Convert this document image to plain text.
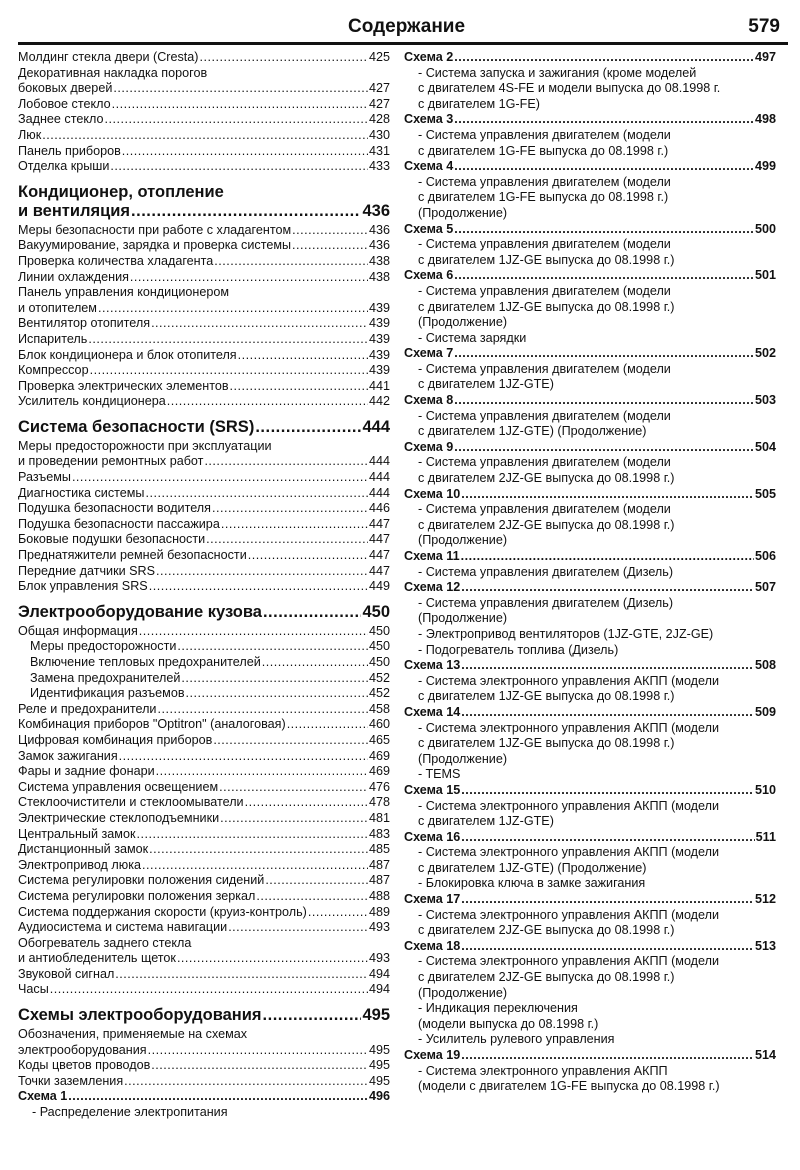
Содержание	579
Молдинг стекла двери (Cresta) .....	425
Декоративная накладка порогов
боковых дверей .....	427
Лобовое стекло .....	427
Заднее стекло .....	428
Люк .....	430
Панель приборов .....	431
Отделка крыши .....	433
Кондиционер, отопление
и вентиляция .....	436
Меры безопасности при работе с хладагентом .....	436
Вакуумирование, зарядка и проверка системы .....	436
Проверка количества хладагента .....	438
Линии охлаждения .....	438
Панель управления кондиционером
и отопителем .....	439
Вентилятор отопителя .....	439
Испаритель .....	439
Блок кондиционера и блок отопителя .....	439
Компрессор .....	439
Проверка электрических элементов .....	441
Усилитель кондиционера .....	442
Система безопасности (SRS) .....	444
Меры предосторожности при эксплуатации
и проведении ремонтных работ .....	444
Разъемы .....	444
Диагностика системы .....	444
Подушка безопасности водителя .....	446
Подушка безопасности пассажира .....	447
Боковые подушки безопасности .....	447
Преднатяжители ремней безопасности .....	447
Передние датчики SRS .....	447
Блок управления SRS .....	449
Электрооборудование кузова .....	450
Общая информация .....	450
Меры предосторожности .....	450
Включение тепловых предохранителей .....	450
Замена предохранителей .....	452
Идентификация разъемов .....	452
Реле и предохранители .....	458
Комбинация приборов "Optitron" (аналоговая) .....	460
Цифровая комбинация приборов .....	465
Замок зажигания .....	469
Фары и задние фонари .....	469
Система управления освещением .....	476
Стеклоочистители и стеклоомыватели .....	478
Электрические стеклоподъемники .....	481
Центральный замок .....	483
Дистанционный замок .....	485
Электропривод люка .....	487
Система регулировки положения сидений .....	487
Система регулировки положения зеркал .....	488
Система поддержания скорости (круиз-контроль) .....	489
Аудиосистема и система навигации .....	493
Обогреватель заднего стекла
и антиобледенитель щеток .....	493
Звуковой сигнал .....	494
Часы .....	494
Схемы электрооборудования .....	495
Обозначения, применяемые на схемах
электрооборудования .....	495
Коды цветов проводов .....	495
Точки заземления .....	495
Схема 1 .....	496
- Распределение электропитания
Схема 2 .....	497
- Система запуска и зажигания (кроме моделей
с двигателем 4S-FE и модели выпуска до 08.1998 г.
с двигателем 1G-FE)
Схема 3 .....	498
- Система управления двигателем (модели
с двигателем 1G-FE выпуска до 08.1998 г.)
Схема 4 .....	499
- Система управления двигателем (модели
с двигателем 1G-FE выпуска до 08.1998 г.)
(Продолжение)
Схема 5 .....	500
- Система управления двигателем (модели
с двигателем 1JZ-GE выпуска до 08.1998 г.)
Схема 6 .....	501
- Система управления двигателем (модели
с двигателем 1JZ-GE выпуска до 08.1998 г.)
(Продолжение)
- Система зарядки
Схема 7 .....	502
- Система управления двигателем (модели
с двигателем 1JZ-GTE)
Схема 8 .....	503
- Система управления двигателем (модели
с двигателем 1JZ-GTE) (Продолжение)
Схема 9 .....	504
- Система управления двигателем (модели
с двигателем 2JZ-GE выпуска до 08.1998 г.)
Схема 10 .....	505
- Система управления двигателем (модели
с двигателем 2JZ-GE выпуска до 08.1998 г.)
(Продолжение)
Схема 11 .....	506
- Система управления двигателем (Дизель)
Схема 12 .....	507
- Система управления двигателем (Дизель)
(Продолжение)
- Электропривод вентиляторов (1JZ-GTE, 2JZ-GE)
- Подогреватель топлива (Дизель)
Схема 13 .....	508
- Система электронного управления АКПП (модели
с двигателем 1JZ-GE выпуска до 08.1998 г.)
Схема 14 .....	509
- Система электронного управления АКПП (модели
с двигателем 1JZ-GE выпуска до 08.1998 г.)
(Продолжение)
- TEMS
Схема 15 .....	510
- Система электронного управления АКПП (модели
с двигателем 1JZ-GTE)
Схема 16 .....	511
- Система электронного управления АКПП (модели
с двигателем 1JZ-GTE) (Продолжение)
- Блокировка ключа в замке зажигания
Схема 17 .....	512
- Система электронного управления АКПП (модели
с двигателем 2JZ-GE выпуска до 08.1998 г.)
Схема 18 .....	513
- Система электронного управления АКПП (модели
с двигателем 2JZ-GE выпуска до 08.1998 г.)
(Продолжение)
- Индикация переключения
(модели выпуска до 08.1998 г.)
- Усилитель рулевого управления
Схема 19 .....	514
- Система электронного управления АКПП
(модели с двигателем 1G-FE выпуска до 08.1998 г.)
